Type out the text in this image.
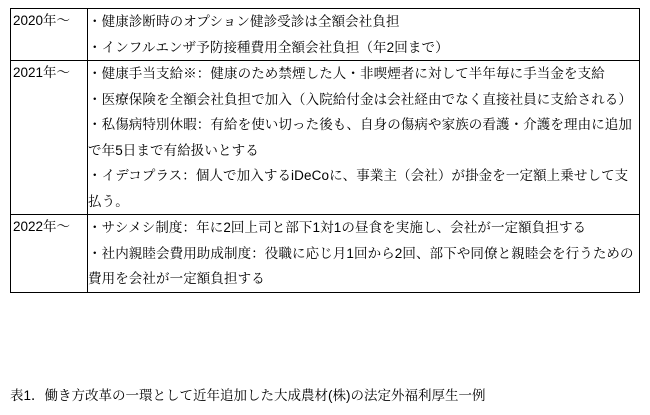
2020年〜	・健康診断時のオプション健診受診は全額会社負担
・インフルエンザ予防接種費用全額会社負担（年2回まで）

2021年〜	・健康手当支給※：健康のため禁煙した人・非喫煙者に対して半年毎に手当金を支給
・医療保険を全額会社負担で加入（入院給付金は会社経由でなく直接社員に支給される）
・私傷病特別休暇：有給を使い切った後も、自身の傷病や家族の看護・介護を理由に追加で年5日まで有給扱いとする
・イデコプラス：個人で加入するiDeCoに、事業主（会社）が掛金を一定額上乗せして支払う。

2022年〜	・サシメシ制度：年に2回上司と部下1対1の昼食を実施し、会社が一定額負担する
・社内親睦会費用助成制度：役職に応じ月1回から2回、部下や同僚と親睦会を行うための費用を会社が一定額負担する
表1．働き方改革の一環として近年追加した大成農材(株)の法定外福利厚生一例
